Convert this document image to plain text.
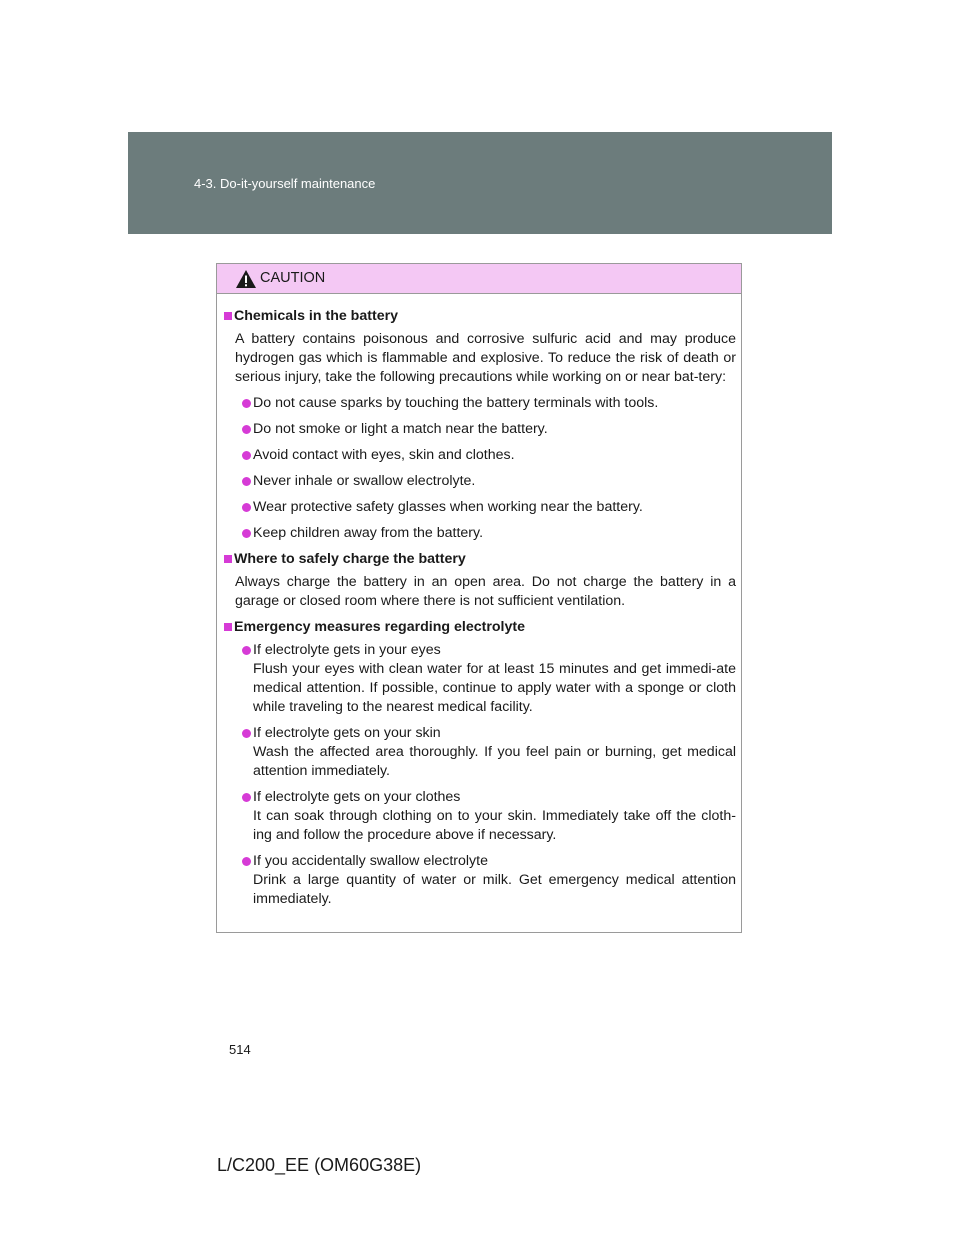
4-3. Do-it-yourself maintenance
CAUTION
Chemicals in the battery
A battery contains poisonous and corrosive sulfuric acid and may produce hydrogen gas which is flammable and explosive. To reduce the risk of death or serious injury, take the following precautions while working on or near bat-tery:
Do not cause sparks by touching the battery terminals with tools.
Do not smoke or light a match near the battery.
Avoid contact with eyes, skin and clothes.
Never inhale or swallow electrolyte.
Wear protective safety glasses when working near the battery.
Keep children away from the battery.
Where to safely charge the battery
Always charge the battery in an open area. Do not charge the battery in a garage or closed room where there is not sufficient ventilation.
Emergency measures regarding electrolyte
If electrolyte gets in your eyes
Flush your eyes with clean water for at least 15 minutes and get immedi-ate medical attention. If possible, continue to apply water with a sponge or cloth while traveling to the nearest medical facility.
If electrolyte gets on your skin
Wash the affected area thoroughly. If you feel pain or burning, get medical attention immediately.
If electrolyte gets on your clothes
It can soak through clothing on to your skin. Immediately take off the cloth-ing and follow the procedure above if necessary.
If you accidentally swallow electrolyte
Drink a large quantity of water or milk. Get emergency medical attention immediately.
514
L/C200_EE (OM60G38E)
